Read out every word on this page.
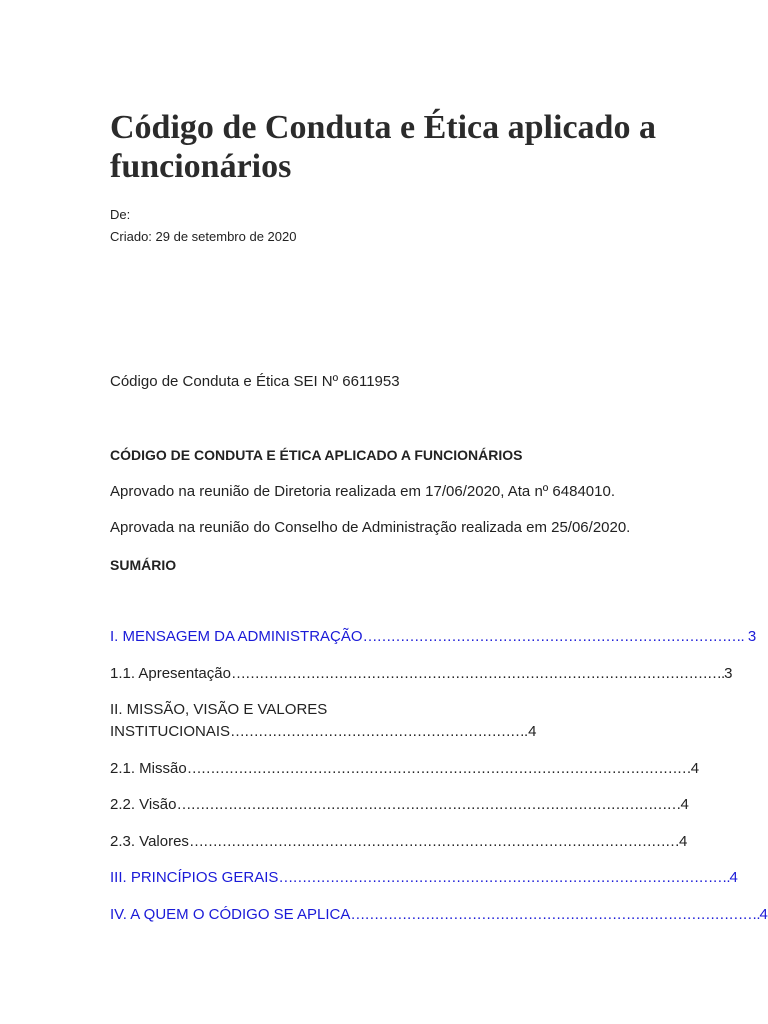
Código de Conduta e Ética aplicado a funcionários
De:
Criado: 29 de setembro de 2020
Código de Conduta e Ética SEI Nº 6611953
CÓDIGO DE CONDUTA E ÉTICA APLICADO A FUNCIONÁRIOS
Aprovado na reunião de Diretoria realizada em 17/06/2020, Ata nº 6484010.
Aprovada na reunião do Conselho de Administração realizada em 25/06/2020.
SUMÁRIO
I. MENSAGEM DA ADMINISTRAÇÃO………………………………………………………………………. 3
1.1. Apresentação…………………………………………………………………………………………….3
II. MISSÃO, VISÃO E VALORES
INSTITUCIONAIS……………………………………………………….4
2.1. Missão………………………………………………………………………………………………4
2.2. Visão………………………………………………………………………………………………4
2.3. Valores……………………………………………………………………………………………4
III. PRINCÍPIOS GERAIS…………………………………………………………………………………….4
IV. A QUEM O CÓDIGO SE APLICA…………………………………………………………………………….4
